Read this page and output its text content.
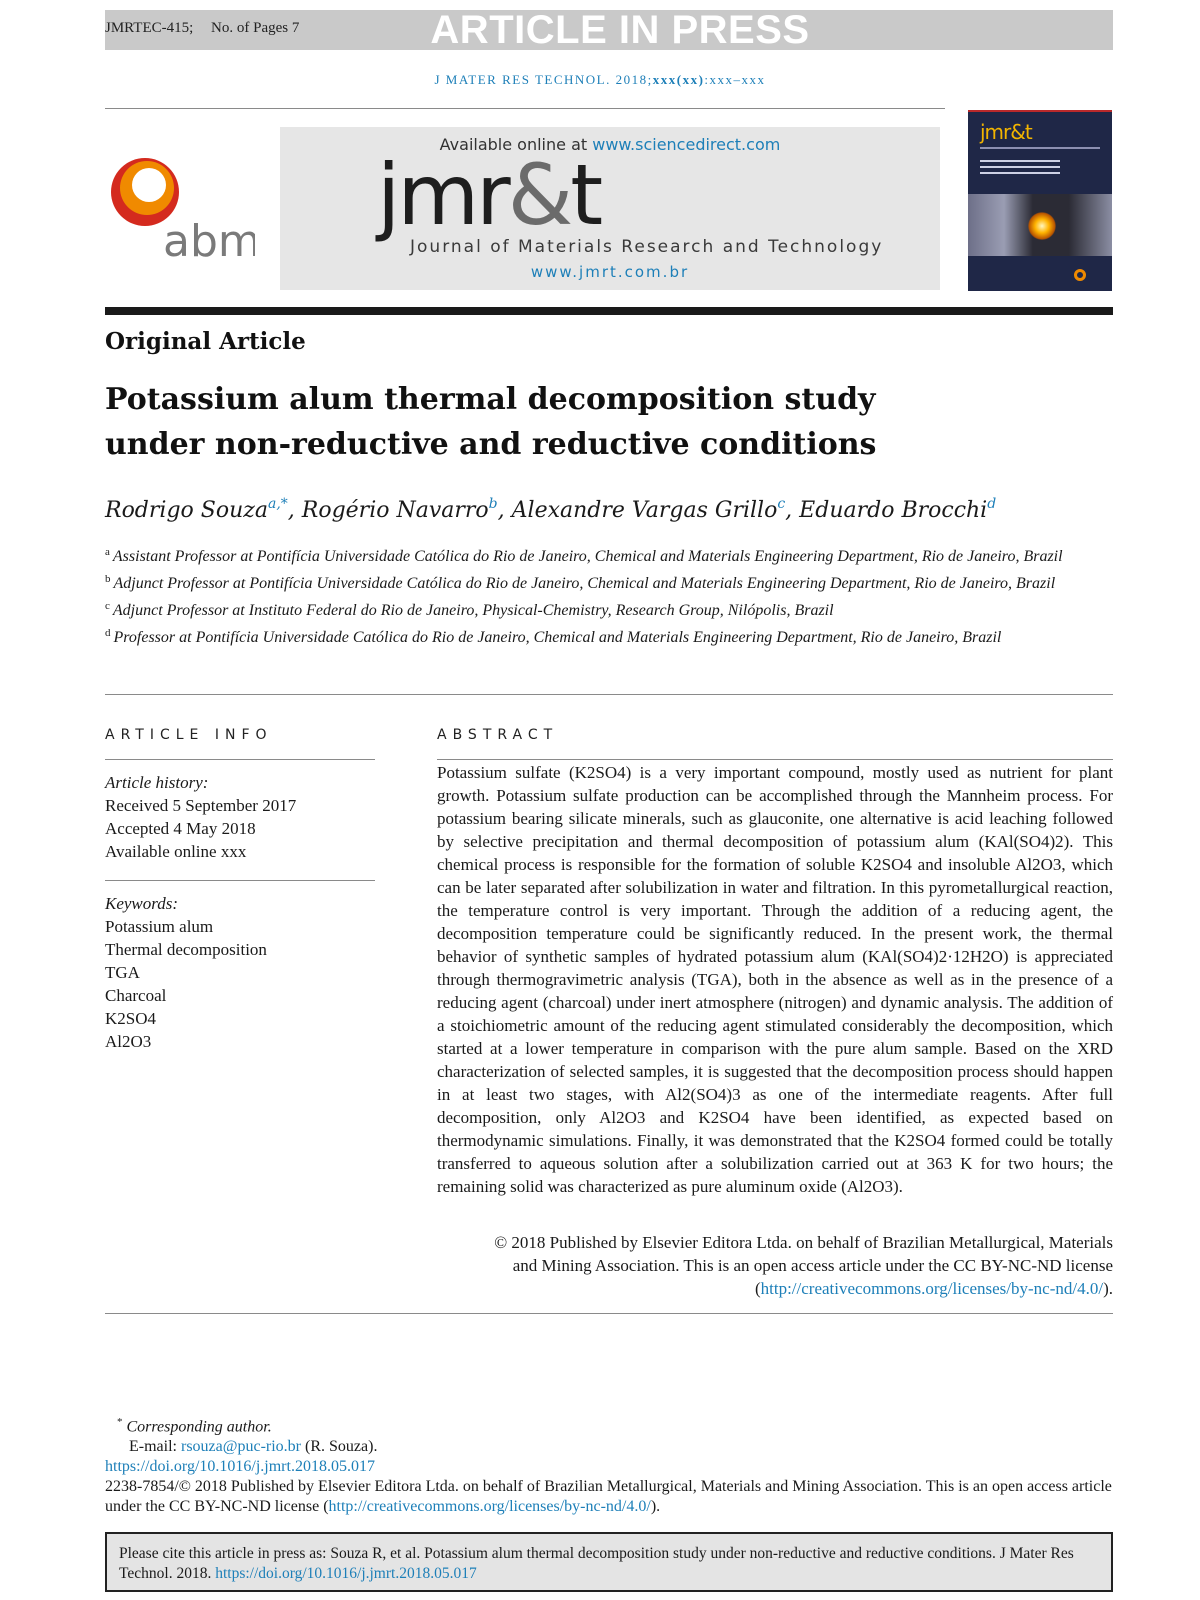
JMRTEC-415; No. of Pages 7	ARTICLE IN PRESS
J MATER RES TECHNOL. 2018;xxx(xx):xxx–xxx
abm
Available online at www.sciencedirect.com
jmr&t
Journal of Materials Research and Technology
www.jmrt.com.br
jmr&t
Original Article
Potassium alum thermal decomposition study
under non-reductive and reductive conditions
Rodrigo Souza$^{a,*}$, Rogério Navarro$^b$, Alexandre Vargas Grillo$^c$, Eduardo Brocchi$^d$
$^a$ Assistant Professor at Pontifícia Universidade Católica do Rio de Janeiro, Chemical and Materials Engineering Department, Rio de Janeiro, Brazil
$^b$ Adjunct Professor at Pontifícia Universidade Católica do Rio de Janeiro, Chemical and Materials Engineering Department, Rio de Janeiro, Brazil
$^c$ Adjunct Professor at Instituto Federal do Rio de Janeiro, Physical-Chemistry, Research Group, Nilópolis, Brazil
$^d$ Professor at Pontifícia Universidade Católica do Rio de Janeiro, Chemical and Materials Engineering Department, Rio de Janeiro, Brazil
ARTICLE INFO	ABSTRACT
Article history:
Received 5 September 2017
Accepted 4 May 2018
Available online xxx
Keywords:
Potassium alum
Thermal decomposition
TGA
Charcoal
K2SO4
Al2O3
Potassium sulfate (K2SO4) is a very important compound, mostly used as nutrient for plant growth. Potassium sulfate production can be accomplished through the Mannheim process. For potassium bearing silicate minerals, such as glauconite, one alternative is acid leaching followed by selective precipitation and thermal decomposition of potassium alum (KAl(SO4)2). This chemical process is responsible for the formation of soluble K2SO4 and insoluble Al2O3, which can be later separated after solubilization in water and filtration. In this pyrometallurgical reaction, the temperature control is very important. Through the addition of a reducing agent, the decomposition temperature could be significantly reduced. In the present work, the thermal behavior of synthetic samples of hydrated potassium alum (KAl(SO4)2·12H2O) is appreciated through thermogravimetric analysis (TGA), both in the absence as well as in the presence of a reducing agent (charcoal) under inert atmosphere (nitrogen) and dynamic analysis. The addition of a stoichiometric amount of the reducing agent stimulated considerably the decomposition, which started at a lower temperature in comparison with the pure alum sample. Based on the XRD characterization of selected samples, it is suggested that the decomposition process should happen in at least two stages, with Al2(SO4)3 as one of the intermediate reagents. After full decomposition, only Al2O3 and K2SO4 have been identified, as expected based on thermodynamic simulations. Finally, it was demonstrated that the K2SO4 formed could be totally transferred to aqueous solution after a solubilization carried out at 363 K for two hours; the remaining solid was characterized as pure aluminum oxide (Al2O3).
© 2018 Published by Elsevier Editora Ltda. on behalf of Brazilian Metallurgical, Materials
and Mining Association. This is an open access article under the CC BY-NC-ND license
(http://creativecommons.org/licenses/by-nc-nd/4.0/).
* Corresponding author.
E-mail: rsouza@puc-rio.br (R. Souza).
https://doi.org/10.1016/j.jmrt.2018.05.017
2238-7854/© 2018 Published by Elsevier Editora Ltda. on behalf of Brazilian Metallurgical, Materials and Mining Association. This is an open access article under the CC BY-NC-ND license (http://creativecommons.org/licenses/by-nc-nd/4.0/).
Please cite this article in press as: Souza R, et al. Potassium alum thermal decomposition study under non-reductive and reductive conditions. J Mater Res Technol. 2018. https://doi.org/10.1016/j.jmrt.2018.05.017
